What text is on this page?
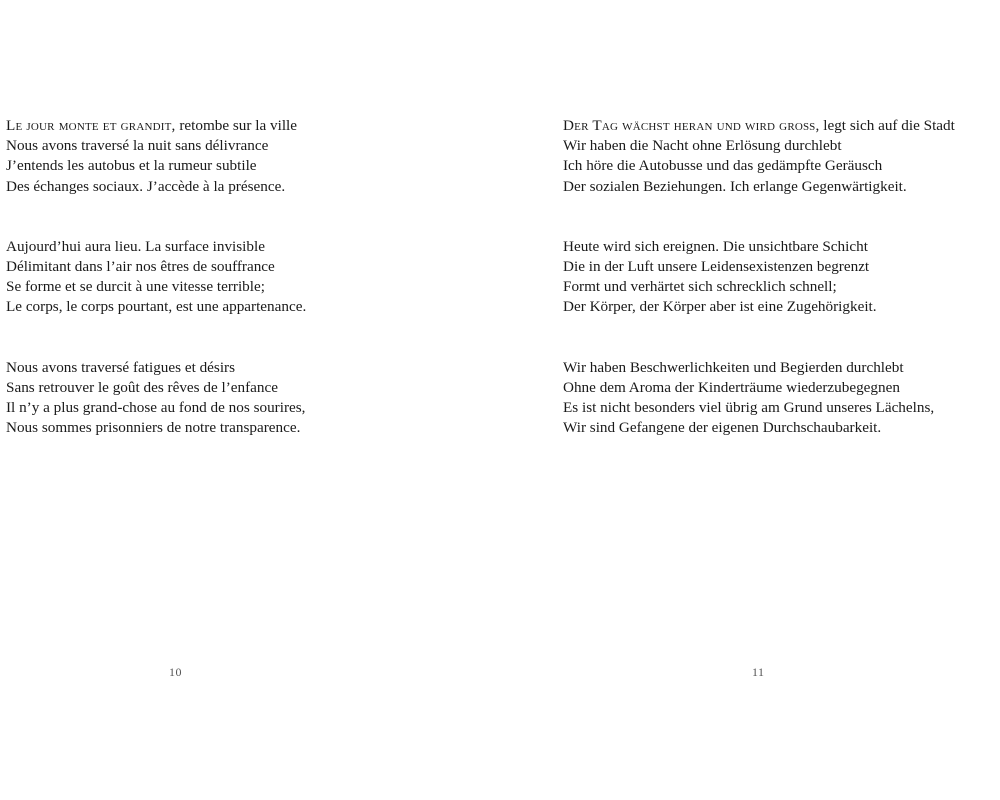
Le jour monte et grandit, retombe sur la ville
Nous avons traversé la nuit sans délivrance
J’entends les autobus et la rumeur subtile
Des échanges sociaux. J’accède à la présence.
Aujourd’hui aura lieu. La surface invisible
Délimitant dans l’air nos êtres de souffrance
Se forme et se durcit à une vitesse terrible;
Le corps, le corps pourtant, est une appartenance.
Nous avons traversé fatigues et désirs
Sans retrouver le goût des rêves de l’enfance
Il n’y a plus grand-chose au fond de nos sourires,
Nous sommes prisonniers de notre transparence.
10
Der Tag wächst heran und wird groß, legt sich auf die Stadt
Wir haben die Nacht ohne Erlösung durchlebt
Ich höre die Autobusse und das gedämpfte Geräusch
Der sozialen Beziehungen. Ich erlange Gegenwärtigkeit.
Heute wird sich ereignen. Die unsichtbare Schicht
Die in der Luft unsere Leidensexistenzen begrenzt
Formt und verhärtet sich schrecklich schnell;
Der Körper, der Körper aber ist eine Zugehörigkeit.
Wir haben Beschwerlichkeiten und Begierden durchlebt
Ohne dem Aroma der Kinderträume wiederzubegegnen
Es ist nicht besonders viel übrig am Grund unseres Lächelns,
Wir sind Gefangene der eigenen Durchschaubarkeit.
11
